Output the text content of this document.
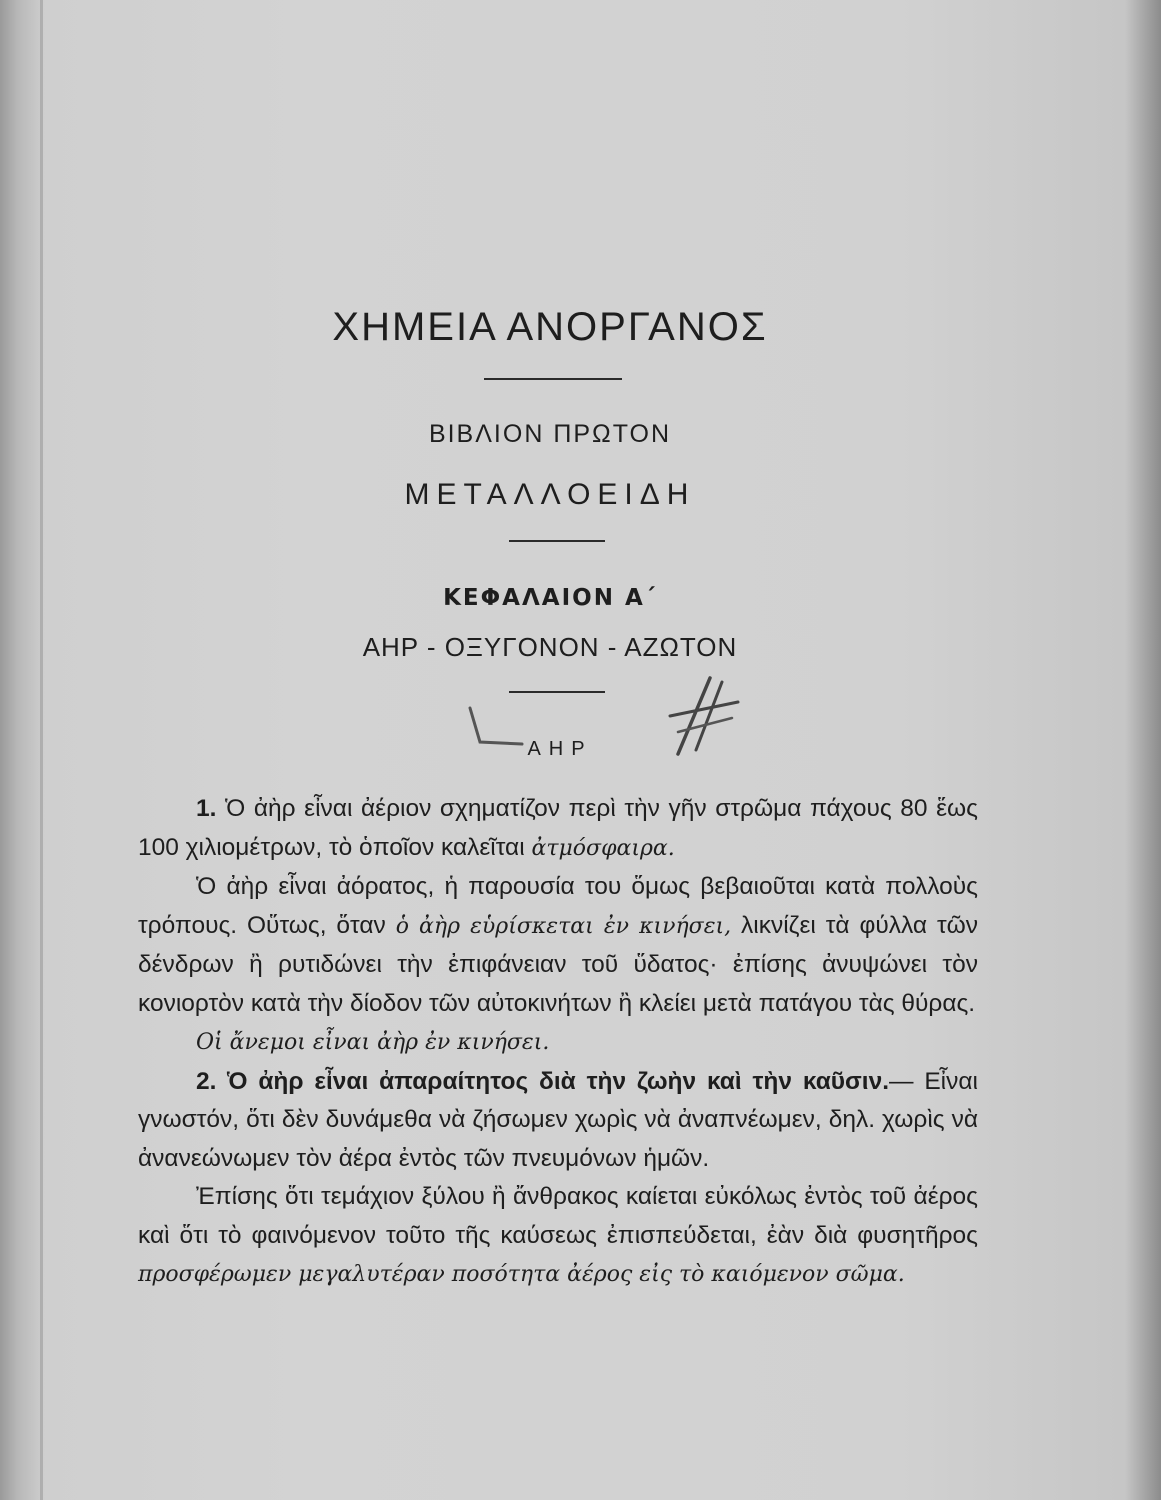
ΧΗΜΕΙΑ ΑΝΟΡΓΑΝΟΣ
ΒΙΒΛΙΟΝ ΠΡΩΤΟΝ
ΜΕΤΑΛΛΟΕΙΔΗ
ΚΕΦΑΛΑΙΟΝ Α΄
ΑΗΡ - ΟΞΥΓΟΝΟΝ - ΑΖΩΤΟΝ
ΑΗΡ

1. Ὁ ἀὴρ εἶναι ἀέριον σχηματίζον περὶ τὴν γῆν στρῶμα πάχους 80 ἕως 100 χιλιομέτρων, τὸ ὁποῖον καλεῖται ἀτμόσφαιρα.

Ὁ ἀὴρ εἶναι ἀόρατος, ἡ παρουσία του ὅμως βεβαιοῦται κατὰ πολλοὺς τρόπους. Οὕτως, ὅταν ὁ ἀὴρ εὑρίσκεται ἐν κινήσει, λικνίζει τὰ φύλλα τῶν δένδρων ἢ ρυτιδώνει τὴν ἐπιφάνειαν τοῦ ὕδατος· ἐπίσης ἀνυψώνει τὸν κονιορτὸν κατὰ τὴν δίοδον τῶν αὐτοκινήτων ἢ κλείει μετὰ πατάγου τὰς θύρας.

Οἱ ἄνεμοι εἶναι ἀὴρ ἐν κινήσει.

2. Ὁ ἀὴρ εἶναι ἀπαραίτητος διὰ τὴν ζωὴν καὶ τὴν καῦσιν.— Εἶναι γνωστόν, ὅτι δὲν δυνάμεθα νὰ ζήσωμεν χωρὶς νὰ ἀναπνέωμεν, δηλ. χωρὶς νὰ ἀνανεώνωμεν τὸν ἀέρα ἐντὸς τῶν πνευμόνων ἡμῶν.

Ἐπίσης ὅτι τεμάχιον ξύλου ἢ ἄνθρακος καίεται εὐκόλως ἐντὸς τοῦ ἀέρος καὶ ὅτι τὸ φαινόμενον τοῦτο τῆς καύσεως ἐπισπεύδεται, ἐὰν διὰ φυσητῆρος προσφέρωμεν μεγαλυτέραν ποσότητα ἀέρος εἰς τὸ καιόμενον σῶμα.
